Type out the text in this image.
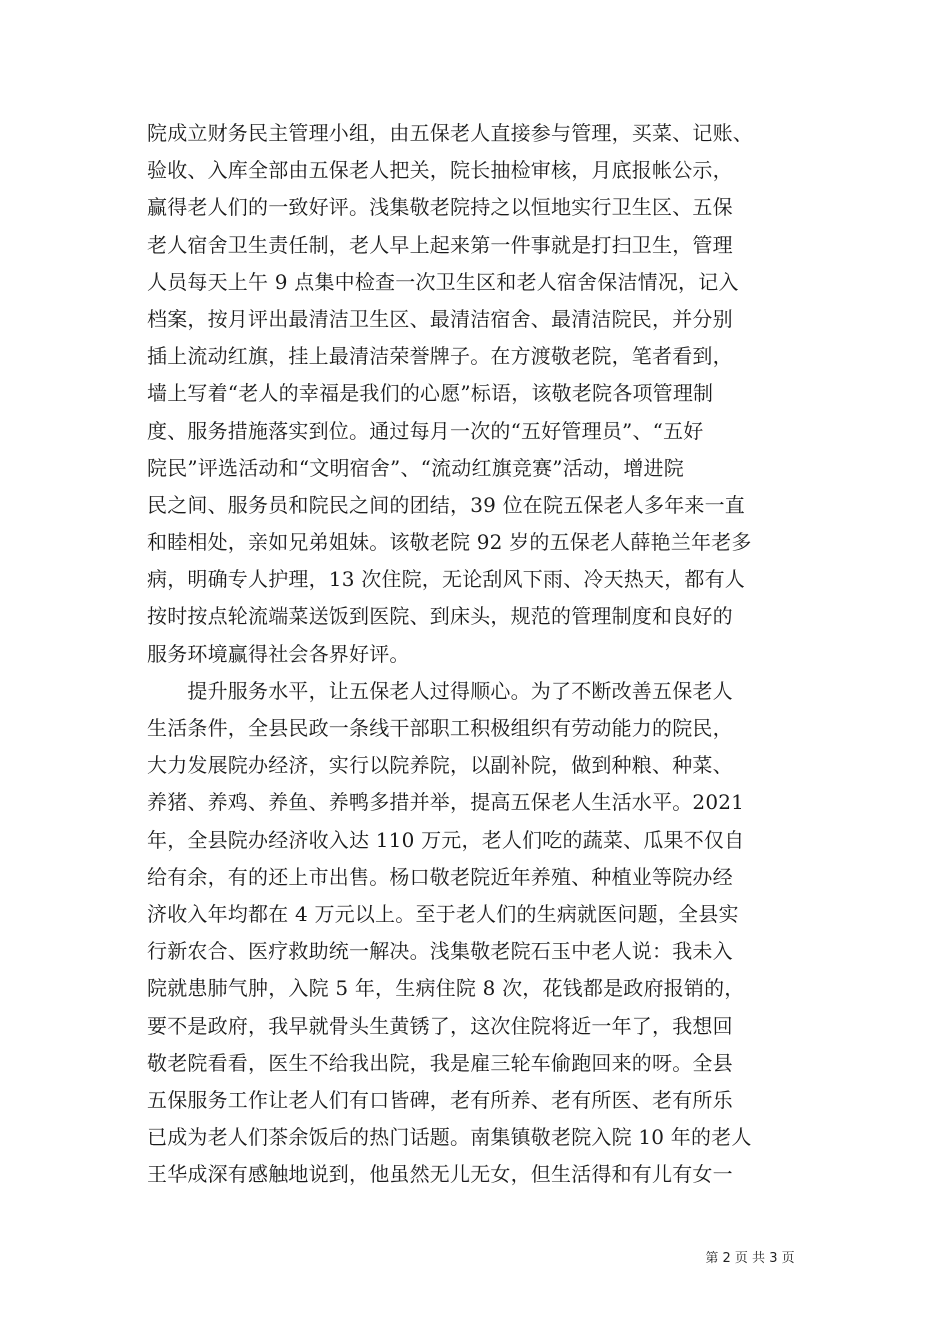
院成立财务民主管理小组，由五保老人直接参与管理，买菜、记账、
验收、入库全部由五保老人把关，院长抽检审核，月底报帐公示，
赢得老人们的一致好评。浅集敬老院持之以恒地实行卫生区、五保
老人宿舍卫生责任制，老人早上起来第一件事就是打扫卫生，管理
人员每天上午 9 点集中检查一次卫生区和老人宿舍保洁情况，记入
档案，按月评出最清洁卫生区、最清洁宿舍、最清洁院民，并分别
插上流动红旗，挂上最清洁荣誉牌子。在方渡敬老院，笔者看到，
墙上写着“老人的幸福是我们的心愿”标语，该敬老院各项管理制
度、服务措施落实到位。通过每月一次的“五好管理员”、“五好
院民”评选活动和“文明宿舍”、“流动红旗竞赛”活动，增进院
民之间、服务员和院民之间的团结，39 位在院五保老人多年来一直
和睦相处，亲如兄弟姐妹。该敬老院 92 岁的五保老人薛艳兰年老多
病，明确专人护理，13 次住院，无论刮风下雨、冷天热天，都有人
按时按点轮流端菜送饭到医院、到床头，规范的管理制度和良好的
服务环境赢得社会各界好评。
　　提升服务水平，让五保老人过得顺心。为了不断改善五保老人
生活条件，全县民政一条线干部职工积极组织有劳动能力的院民，
大力发展院办经济，实行以院养院，以副补院，做到种粮、种菜、
养猪、养鸡、养鱼、养鸭多措并举，提高五保老人生活水平。2021
年，全县院办经济收入达 110 万元，老人们吃的蔬菜、瓜果不仅自
给有余，有的还上市出售。杨口敬老院近年养殖、种植业等院办经
济收入年均都在 4 万元以上。至于老人们的生病就医问题，全县实
行新农合、医疗救助统一解决。浅集敬老院石玉中老人说：我未入
院就患肺气肿，入院 5 年，生病住院 8 次，花钱都是政府报销的，
要不是政府，我早就骨头生黄锈了，这次住院将近一年了，我想回
敬老院看看，医生不给我出院，我是雇三轮车偷跑回来的呀。全县
五保服务工作让老人们有口皆碑，老有所养、老有所医、老有所乐
已成为老人们茶余饭后的热门话题。南集镇敬老院入院 10 年的老人
王华成深有感触地说到，他虽然无儿无女，但生活得和有儿有女一
第 2 页 共 3 页
